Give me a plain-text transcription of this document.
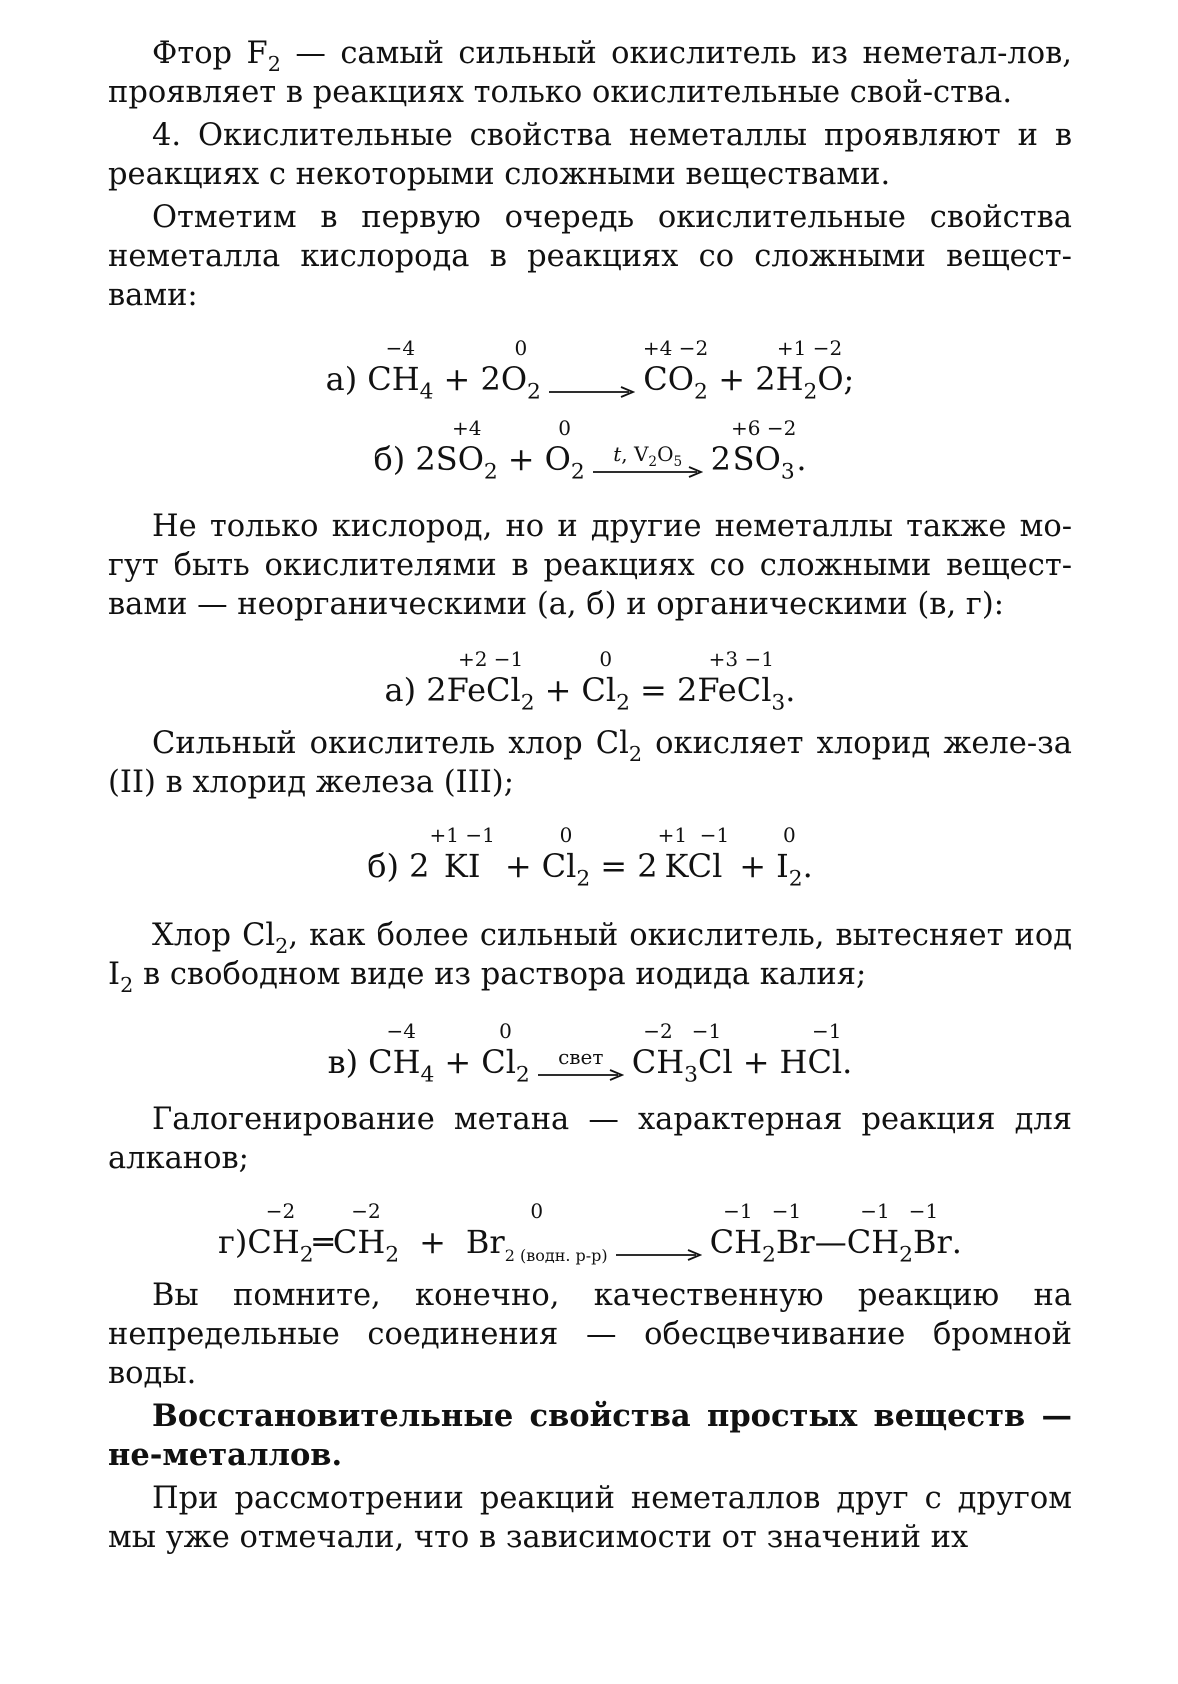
Фтор $F_2$ — самый сильный окислитель из немeтал-лов, проявляет в реакциях только окислительные свой-ства.

4. Окислительные свойства неметаллы проявляют и в реакциях с некоторыми сложными веществами.

Отметим в первую очередь окислительные свойства неметалла кислорода в реакциях со сложными вещест-вами:

а)
−4
$CH_4 + 2$
0
$O_2$ →
+4 −2
$CO_2 + 2$
+1 −2
$H_2O$ ;
б) 2
+4
$SO_2$ +
0
$O_2$
t, $V_2O_5$ 2
+6 −2
$SO_3$ .

Не только кислород, но и другие неметаллы также мо-гут быть окислителями в реакциях со сложными вещест-вами — неорганическими (а, б) и органическими (в, г):

а) 2
+2 −1
FeCl$_2$ +
0
$Cl_2 = 2$
+3 −1
FeCl$_3$ .

Сильный окислитель хлор $Cl_2$ окисляет хлорид желе-за (II) в хлорид железа (III);

б) 2
+1 −1
KI +
0
$Cl_2 = 2$
+1  −1
KCl +
0
$I_2$ .

Хлор $Cl_2$, как более сильный окислитель, вытесняет иод $I_2$ в свободном виде из раствора иодида калия;

в)
−4
$CH_4$ +
0
$Cl_2$
свет
−2   −1
$CH_3Cl$ +
−1
HCl .

Галогенирование метана — характерная реакция для алканов;

г)
−2
$CH_2$ ═
−2
$CH_2$ +
0
$Br_{2 (водн. р-р)}$ →
−1   −1
$CH_2Br$ —
−1   −1
$CH_2Br$ .

Вы помните, конечно, качественную реакцию на непредельные соединения — обесцвечивание бромной воды.

Восстановительные свойства простых веществ — не-металлов.

При рассмотрении реакций неметаллов друг с другом мы уже отмечали, что в зависимости от значений их
